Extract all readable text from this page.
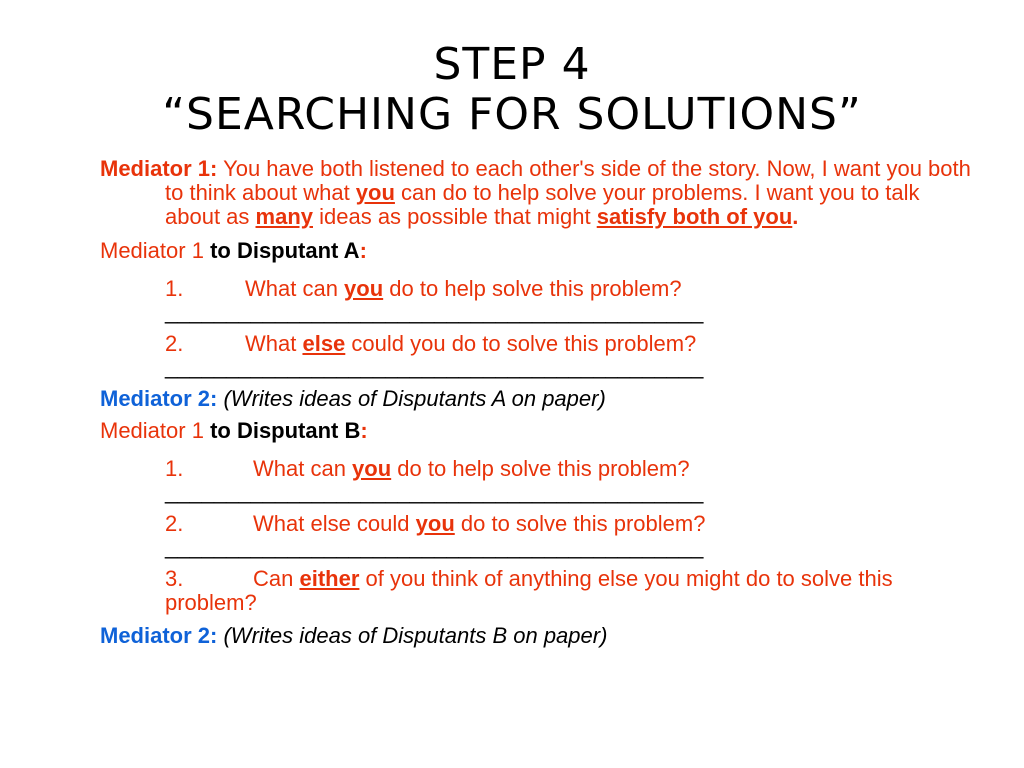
STEP 4
“SEARCHING FOR SOLUTIONS”
Mediator 1: You have both listened to each other's side of the story. Now, I want you both to think about what you can do to help solve your problems. I want you to talk about as many ideas as possible that might satisfy both of you.
Mediator 1 to Disputant A:
1.	What can you do to help solve this problem?
____________________________________________
2.	What else could you do to solve this problem?
____________________________________________
Mediator 2: (Writes ideas of Disputants A on paper)
Mediator 1 to Disputant B:
1.	What can you do to help solve this problem?
____________________________________________
2.	What else could you do to solve this problem?
____________________________________________
3.	Can either of you think of anything else you might do to solve this problem?
Mediator 2: (Writes ideas of Disputants B on paper)
